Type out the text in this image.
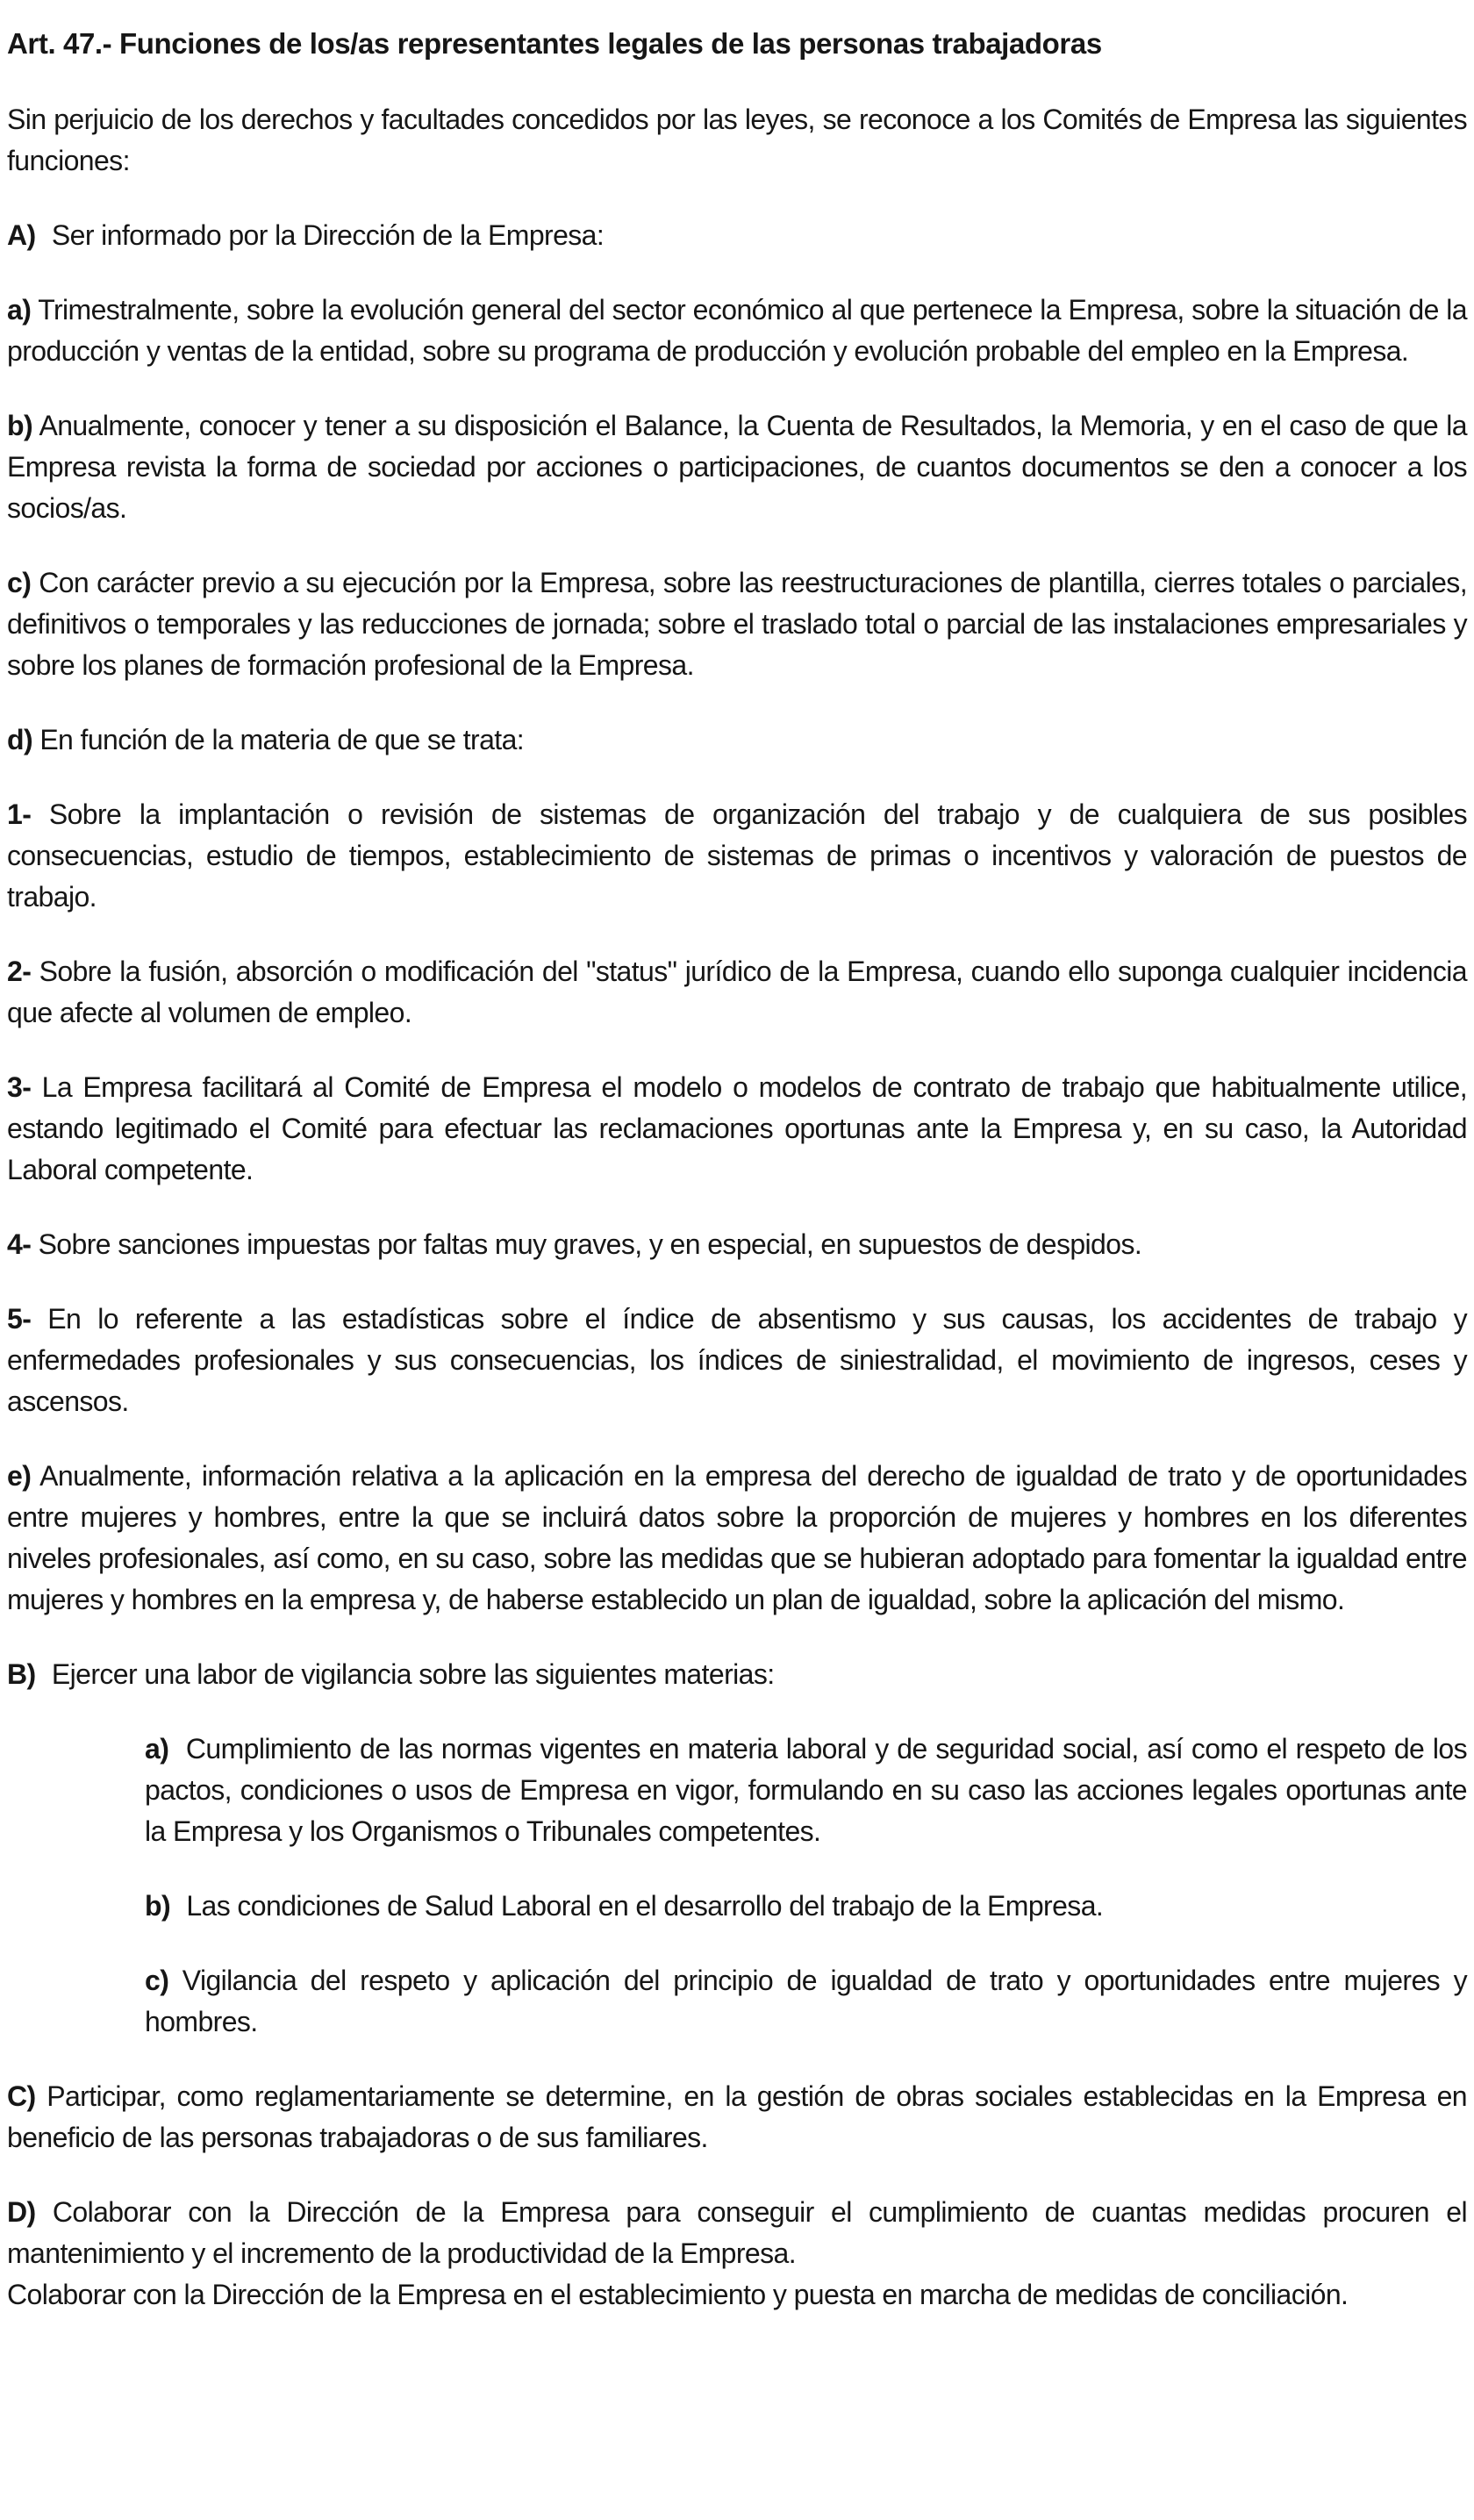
Art. 47.- Funciones de los/as representantes legales de las personas trabajadoras

Sin perjuicio de los derechos y facultades concedidos por las leyes, se reconoce a los Comités de Empresa las siguientes funciones:

A) Ser informado por la Dirección de la Empresa:

a) Trimestralmente, sobre la evolución general del sector económico al que pertenece la Empresa, sobre la situación de la producción y ventas de la entidad, sobre su programa de producción y evolución probable del empleo en la Empresa.

b) Anualmente, conocer y tener a su disposición el Balance, la Cuenta de Resultados, la Memoria, y en el caso de que la Empresa revista la forma de sociedad por acciones o participaciones, de cuantos documentos se den a conocer a los socios/as.

c) Con carácter previo a su ejecución por la Empresa, sobre las reestructuraciones de plantilla, cierres totales o parciales, definitivos o temporales y las reducciones de jornada; sobre el traslado total o parcial de las instalaciones empresariales y sobre los planes de formación profesional de la Empresa.

d) En función de la materia de que se trata:

1- Sobre la implantación o revisión de sistemas de organización del trabajo y de cualquiera de sus posibles consecuencias, estudio de tiempos, establecimiento de sistemas de primas o incentivos y valoración de puestos de trabajo.

2- Sobre la fusión, absorción o modificación del "status" jurídico de la Empresa, cuando ello suponga cualquier incidencia que afecte al volumen de empleo.

3- La Empresa facilitará al Comité de Empresa el modelo o modelos de contrato de trabajo que habitualmente utilice, estando legitimado el Comité para efectuar las reclamaciones oportunas ante la Empresa y, en su caso, la Autoridad Laboral competente.

4- Sobre sanciones impuestas por faltas muy graves, y en especial, en supuestos de despidos.

5- En lo referente a las estadísticas sobre el índice de absentismo y sus causas, los accidentes de trabajo y enfermedades profesionales y sus consecuencias, los índices de siniestralidad, el movimiento de ingresos, ceses y ascensos.

e) Anualmente, información relativa a la aplicación en la empresa del derecho de igualdad de trato y de oportunidades entre mujeres y hombres, entre la que se incluirá datos sobre la proporción de mujeres y hombres en los diferentes niveles profesionales, así como, en su caso, sobre las medidas que se hubieran adoptado para fomentar la igualdad entre mujeres y hombres en la empresa y, de haberse establecido un plan de igualdad, sobre la aplicación del mismo.

B) Ejercer una labor de vigilancia sobre las siguientes materias:

a) Cumplimiento de las normas vigentes en materia laboral y de seguridad social, así como el respeto de los pactos, condiciones o usos de Empresa en vigor, formulando en su caso las acciones legales oportunas ante la Empresa y los Organismos o Tribunales competentes.

b) Las condiciones de Salud Laboral en el desarrollo del trabajo de la Empresa.

c) Vigilancia del respeto y aplicación del principio de igualdad de trato y oportunidades entre mujeres y hombres.

C) Participar, como reglamentariamente se determine, en la gestión de obras sociales establecidas en la Empresa en beneficio de las personas trabajadoras o de sus familiares.

D) Colaborar con la Dirección de la Empresa para conseguir el cumplimiento de cuantas medidas procuren el mantenimiento y el incremento de la productividad de la Empresa.
Colaborar con la Dirección de la Empresa en el establecimiento y puesta en marcha de medidas de conciliación.
